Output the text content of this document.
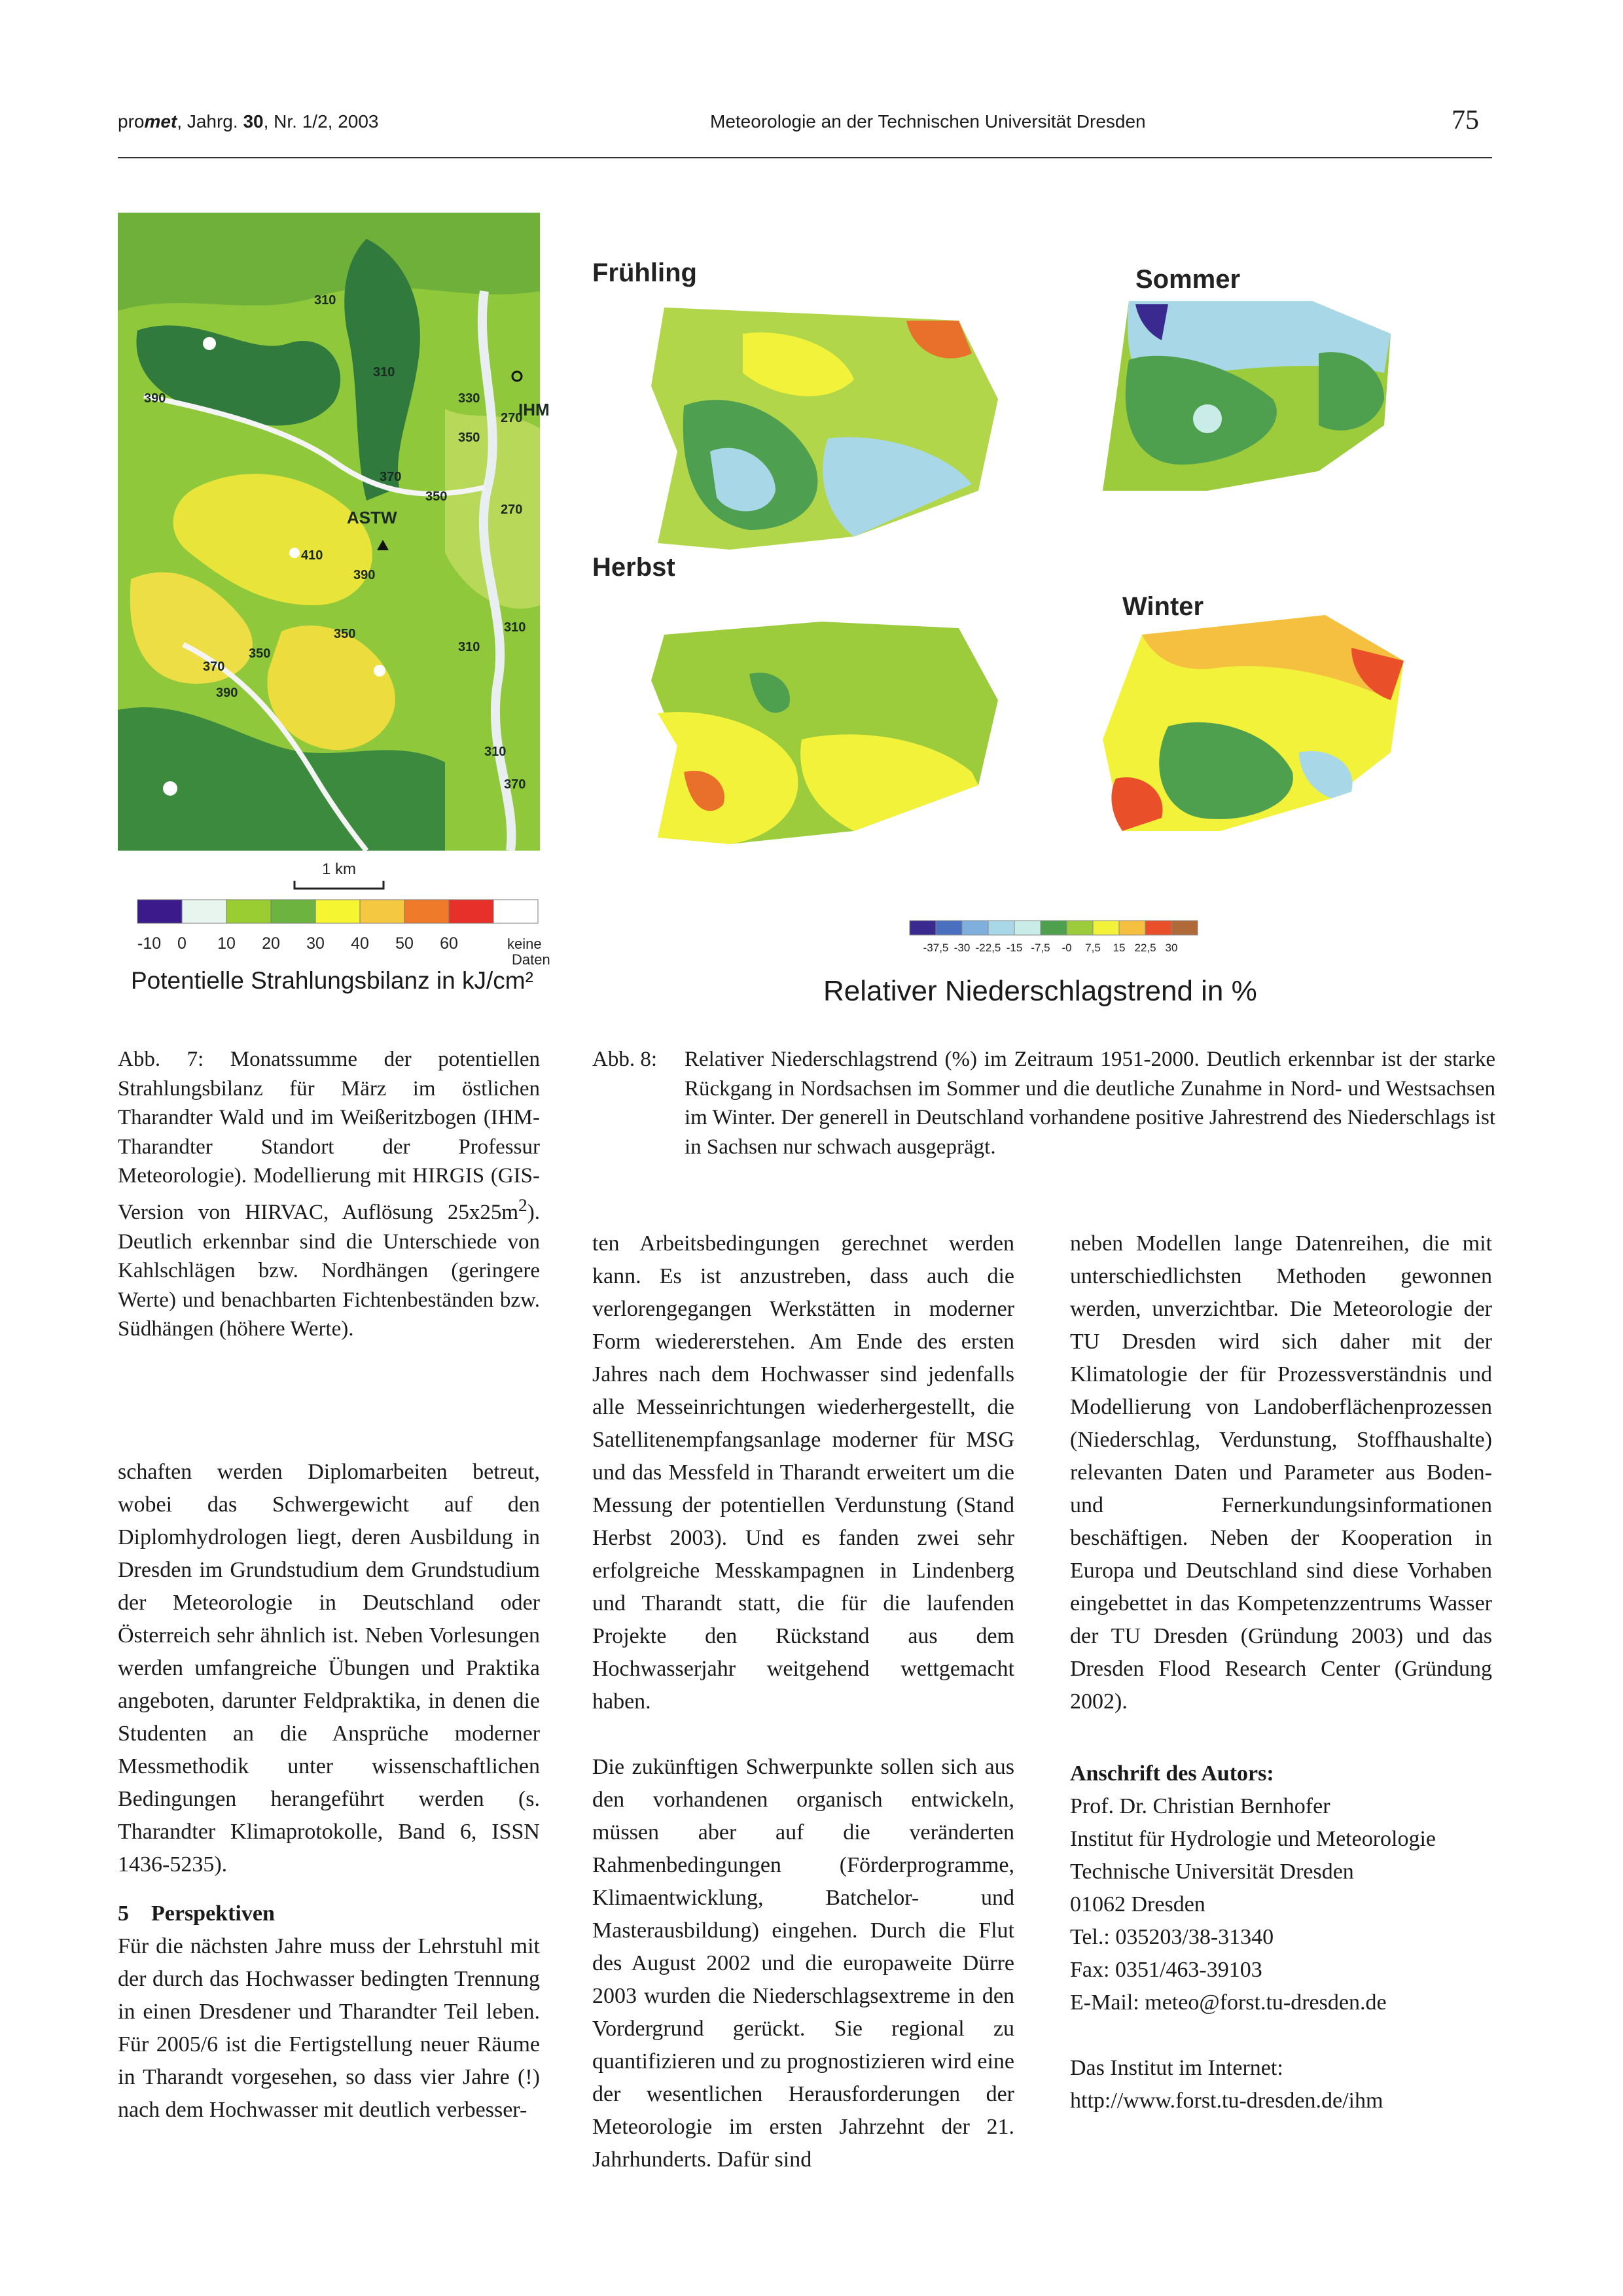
promet, Jahrg. 30, Nr. 1/2, 2003	Meteorologie an der Technischen Universität Dresden	75
310
390
310
330
350
270
IHM
370
ASTW
350
410
390
350
270
310
370
350
390
310
310
370
1 km
-10 0 10 20 30 40 50 60	keine
Daten
Potentielle Strahlungsbilanz in kJ/cm²
Frühling	Sommer
Herbst
Winter
-37,5 -30 -22,5 -15 -7,5 -0 7,5 15 22,5 30
Relativer Niederschlagstrend in %
Abb. 7: Monatssumme der potentiellen Strahlungsbilanz für März im östlichen Tharandter Wald und im Weißeritzbogen (IHM-Tharandter Standort der Professur Meteorologie). Modellierung mit HIRGIS (GIS-Version von HIRVAC, Auflösung $25x25m^2$). Deutlich erkennbar sind die Unterschiede von Kahlschlägen bzw. Nordhängen (geringere Werte) und benachbarten Fichtenbeständen bzw. Südhängen (höhere Werte).
Abb. 8: Relativer Niederschlagstrend (%) im Zeitraum 1951-2000. Deutlich erkennbar ist der starke Rückgang in Nordsachsen im Sommer und die deutliche Zunahme in Nord- und Westsachsen im Winter. Der generell in Deutschland vorhandene positive Jahrestrend des Niederschlags ist in Sachsen nur schwach ausgeprägt.

schaften werden Diplomarbeiten betreut, wobei das Schwergewicht auf den Diplomhydrologen liegt, deren Ausbildung in Dresden im Grundstudium dem Grundstudium der Meteorologie in Deutschland oder Österreich sehr ähnlich ist. Neben Vorlesungen werden umfangreiche Übungen und Praktika angeboten, darunter Feldpraktika, in denen die Studenten an die Ansprüche moderner Messmethodik unter wissenschaftlichen Bedingungen herangeführt werden (s. Tharandter Klimaprotokolle, Band 6, ISSN 1436-5235).

5 Perspektiven

Für die nächsten Jahre muss der Lehrstuhl mit der durch das Hochwasser bedingten Trennung in einen Dresdener und Tharandter Teil leben. Für 2005/6 ist die Fertigstellung neuer Räume in Tharandt vorgesehen, so dass vier Jahre (!) nach dem Hochwasser mit deutlich verbesser-

ten Arbeitsbedingungen gerechnet werden kann. Es ist anzustreben, dass auch die verlorengegangen Werkstätten in moderner Form wiedererstehen. Am Ende des ersten Jahres nach dem Hochwasser sind jedenfalls alle Messeinrichtungen wiederhergestellt, die Satellitenempfangsanlage moderner für MSG und das Messfeld in Tharandt erweitert um die Messung der potentiellen Verdunstung (Stand Herbst 2003). Und es fanden zwei sehr erfolgreiche Messkampagnen in Lindenberg und Tharandt statt, die für die laufenden Projekte den Rückstand aus dem Hochwasserjahr weitgehend wettgemacht haben.

Die zukünftigen Schwerpunkte sollen sich aus den vorhandenen organisch entwickeln, müssen aber auf die veränderten Rahmenbedingungen (Förderprogramme, Klimaentwicklung, Batchelor- und Masterausbildung) eingehen. Durch die Flut des August 2002 und die europaweite Dürre 2003 wurden die Niederschlagsextreme in den Vordergrund gerückt. Sie regional zu quantifizieren und zu prognostizieren wird eine der wesentlichen Herausforderungen der Meteorologie im ersten Jahrzehnt der 21. Jahrhunderts. Dafür sind

neben Modellen lange Datenreihen, die mit unterschiedlichsten Methoden gewonnen werden, unverzichtbar. Die Meteorologie der TU Dresden wird sich daher mit der Klimatologie der für Prozessverständnis und Modellierung von Landoberflächenprozessen (Niederschlag, Verdunstung, Stoffhaushalte) relevanten Daten und Parameter aus Boden- und Fernerkundungsinformationen beschäftigen. Neben der Kooperation in Europa und Deutschland sind diese Vorhaben eingebettet in das Kompetenzzentrums Wasser der TU Dresden (Gründung 2003) und das Dresden Flood Research Center (Gründung 2002).

Anschrift des Autors:

Prof. Dr. Christian Bernhofer

Institut für Hydrologie und Meteorologie

Technische Universität Dresden

01062 Dresden

Tel.: 035203/38-31340

Fax: 0351/463-39103

E-Mail: meteo@forst.tu-dresden.de

Das Institut im Internet:

http://www.forst.tu-dresden.de/ihm
